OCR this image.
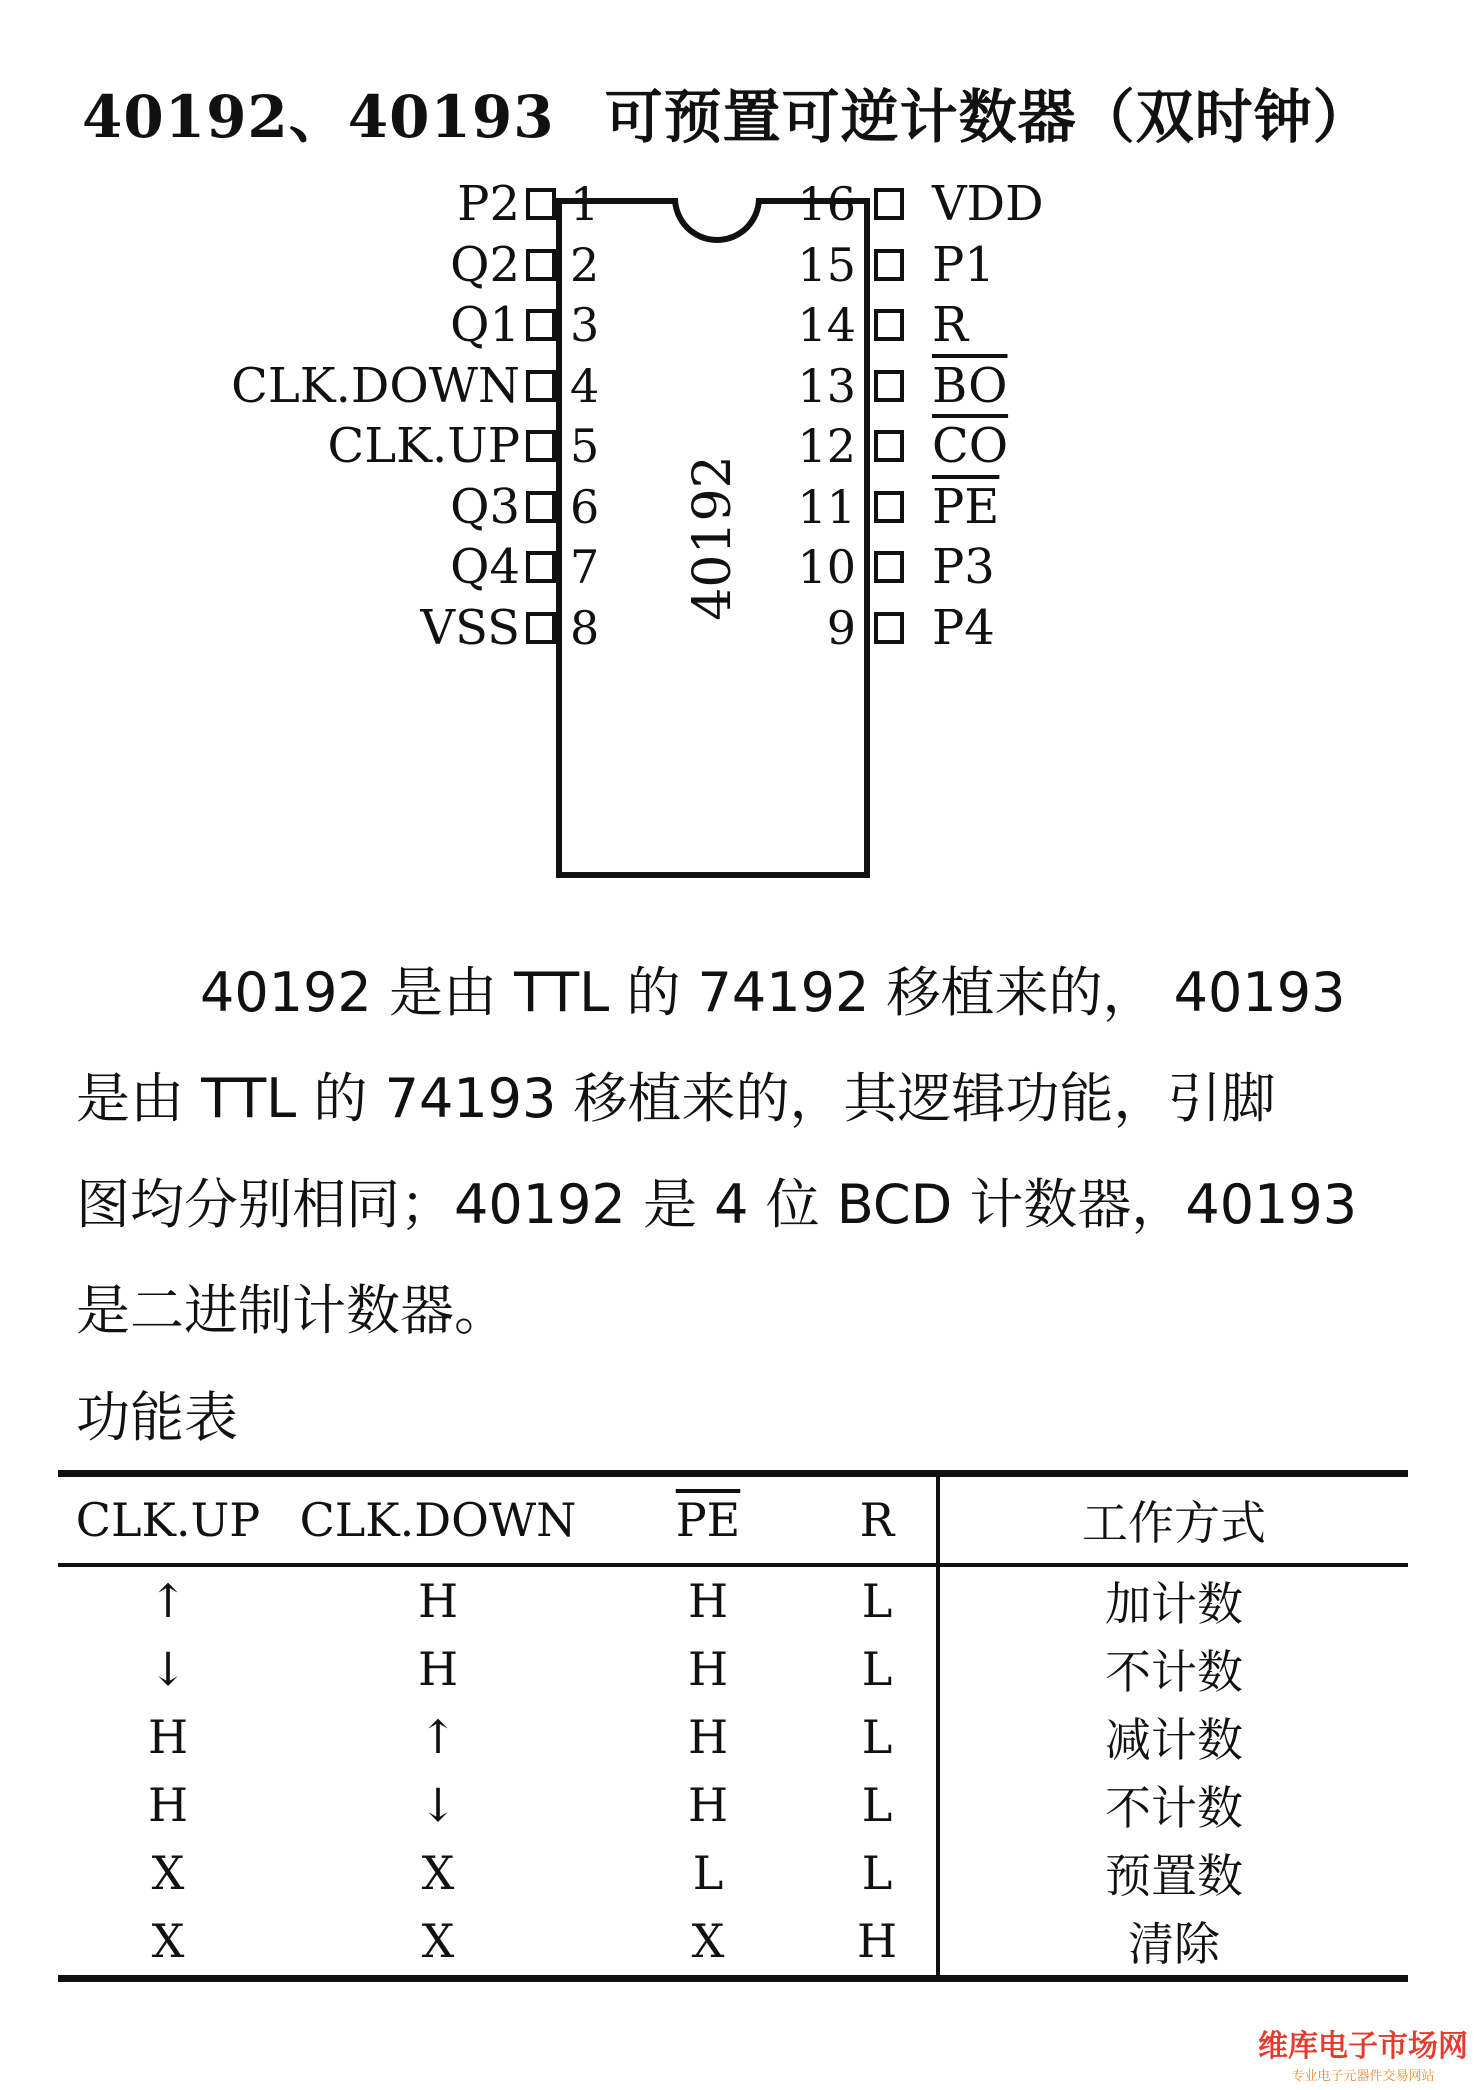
40192、40193 可预置可逆计数器（双时钟）
40192
1
P2
2
Q2
3
Q1
4
CLK.DOWN
5
CLK.UP
6
Q3
7
Q4
8
VSS
16 VDD
15 P1
14 R
13 $\overline{BO}$
12 $\overline{CO}$
11 $\overline{PE}$
10 P3
9 P4

40192 是由 TTL 的 74192 移植来的， 40193

是由 TTL 的 74193 移植来的，其逻辑功能，引脚

图均分别相同；40192 是 4 位 BCD 计数器，40193

是二进制计数器。

功能表
CLK.UP	CLK.DOWN	$\overline{PE}$	R	工作方式
↑	H	H	L	加计数
↓	H	H	L	不计数
H	↑	H	L	减计数
H	↓	H	L	不计数
X	X	L	L	预置数
X	X	X	H	清除
维库电子市场网
专业电子元器件交易网站
